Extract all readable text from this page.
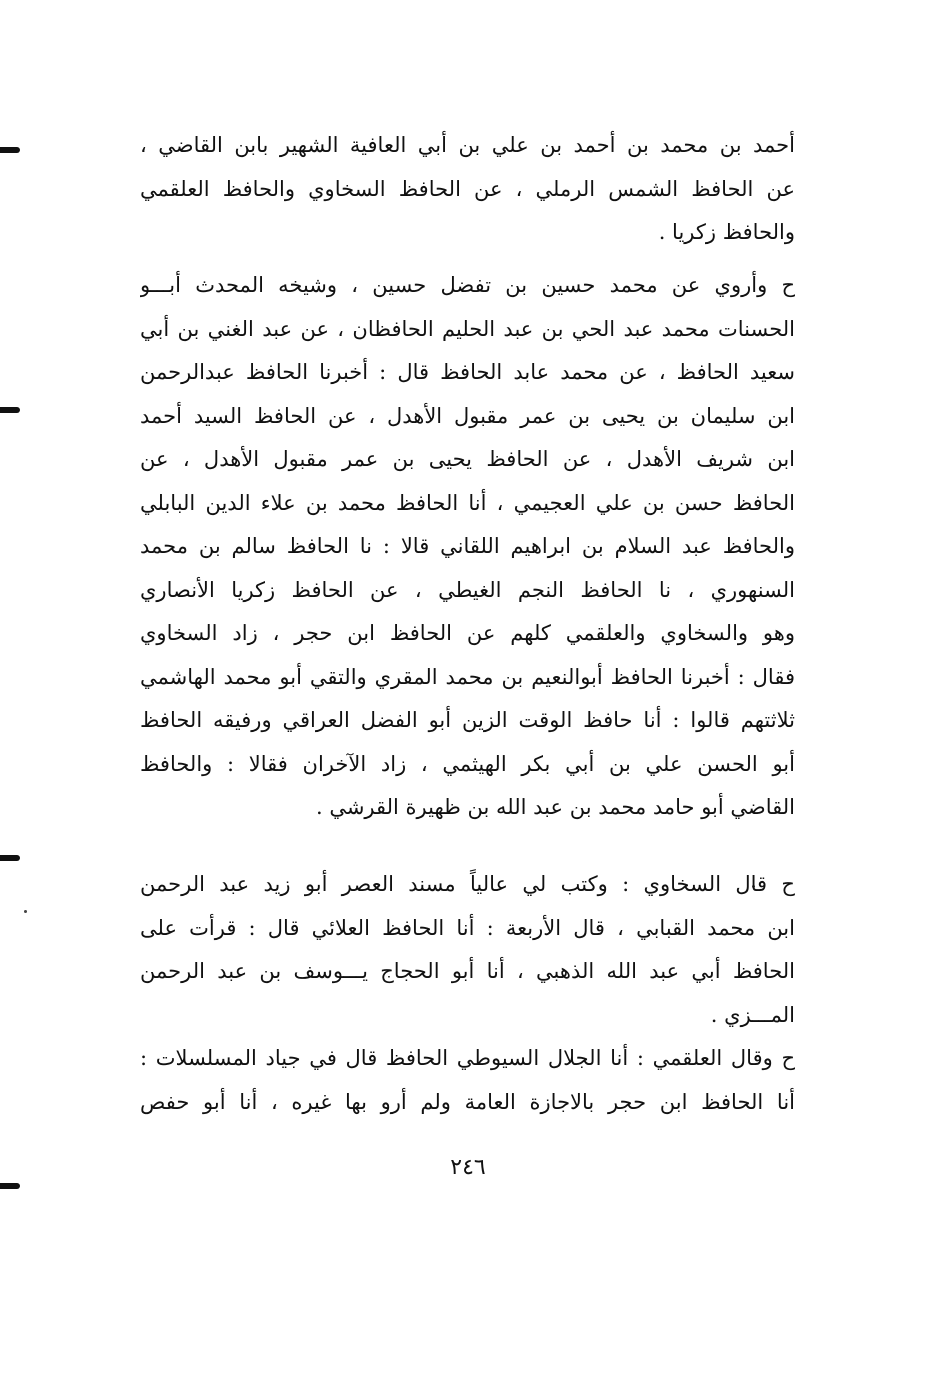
أحمد بن محمد بن أحمد بن علي بن أبي العافية الشهير بابن القاضي ،
عن الحافظ الشمس الرملي ، عن الحافظ السخاوي والحافظ العلقمي
والحافظ زكريا .
ح وأروي عن محمد حسين بن تفضل حسين ، وشيخه المحدث أبـــو
الحسنات محمد عبد الحي بن عبد الحليم الحافظان ، عن عبد الغني بن أبي
سعيد الحافظ ، عن محمد عابد الحافظ قال : أخبرنا الحافظ عبدالرحمن
ابن سليمان بن يحيى بن عمر مقبول الأهدل ، عن الحافظ السيد أحمد
ابن شريف الأهدل ، عن الحافظ يحيى بن عمر مقبول الأهدل ، عن
الحافظ حسن بن علي العجيمي ، أنا الحافظ محمد بن علاء الدين البابلي
والحافظ عبد السلام بن ابراهيم اللقاني قالا : نا الحافظ سالم بن محمد
السنهوري ، نا الحافظ النجم الغيطي ، عن الحافظ زكريا الأنصاري
وهو والسخاوي والعلقمي كلهم عن الحافظ ابن حجر ، زاد السخاوي
فقال : أخبرنا الحافظ أبوالنعيم بن محمد المقري والتقي أبو محمد الهاشمي
ثلاثتهم قالوا : أنا حافظ الوقت الزين أبو الفضل العراقي ورفيقه الحافظ
أبو الحسن علي بن أبي بكر الهيثمي ، زاد الآخران فقالا : والحافظ
القاضي أبو حامد محمد بن عبد الله بن ظهيرة القرشي .
ح قال السخاوي : وكتب لي عالياً مسند العصر أبو زيد عبد الرحمن
ابن محمد القبابي ، قال الأربعة : أنا الحافظ العلائي قال : قرأت على
الحافظ أبي عبد الله الذهبي ، أنا أبو الحجاج يـــوسف بن عبد الرحمن
المـــزي .
ح وقال العلقمي : أنا الجلال السيوطي الحافظ قال في جياد المسلسلات :
أنا الحافظ ابن حجر بالاجازة العامة ولم أرو بها غيره ، أنا أبو حفص
٢٤٦
